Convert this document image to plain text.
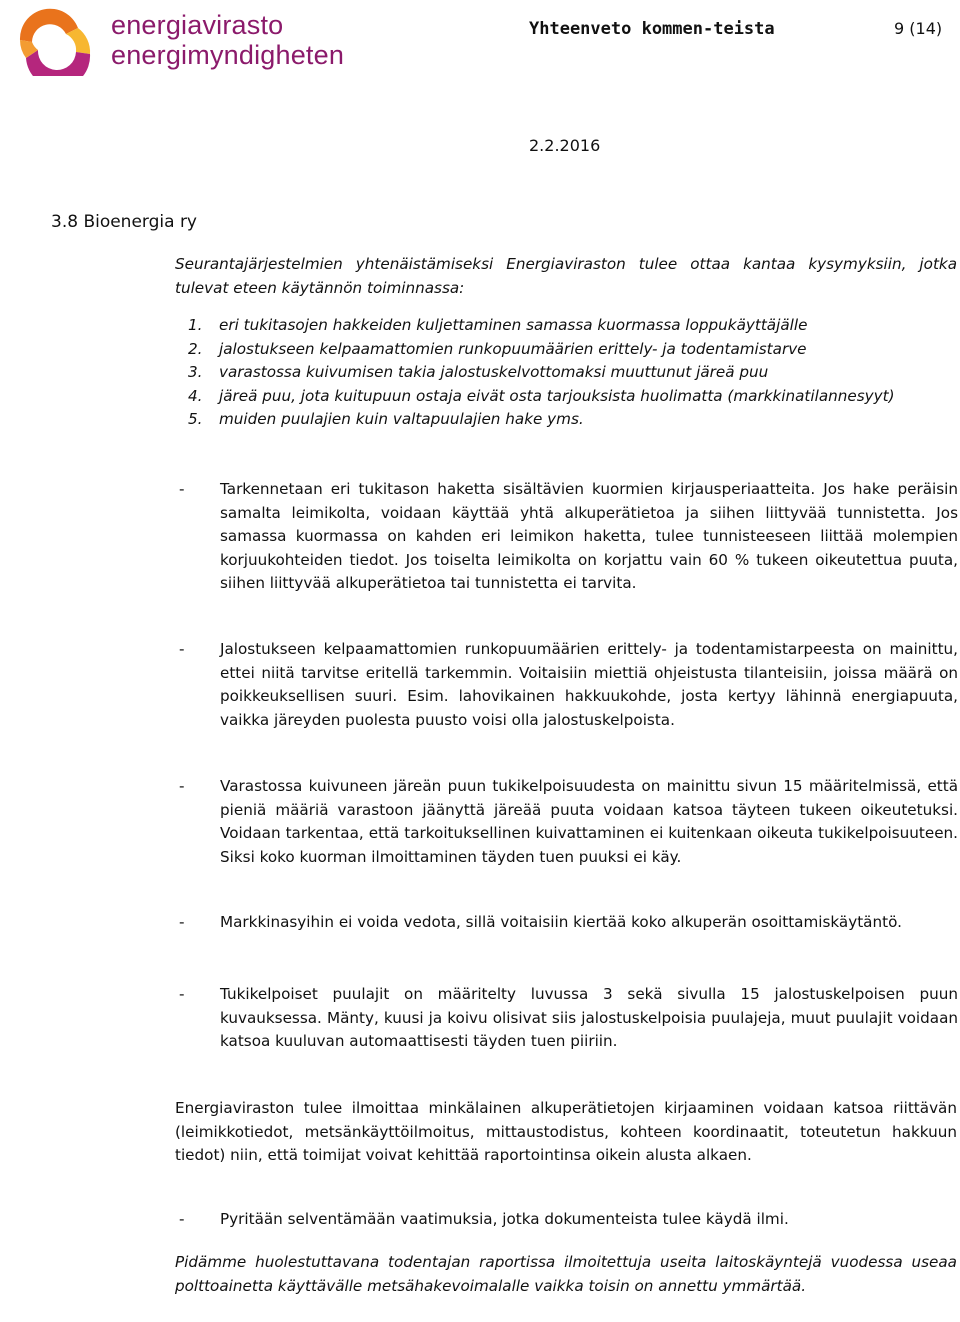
energiavirasto
energimyndigheten
Yhteenveto kommen-teista	9 (14)
2.2.2016
3.8 Bioenergia ry
Seurantajärjestelmien yhtenäistämiseksi Energiaviraston tulee ottaa kantaa kysymyksiin, jotka tulevat eteen käytännön toiminnassa:
1. eri tukitasojen hakkeiden kuljettaminen samassa kuormassa loppukäyttäjälle
2. jalostukseen kelpaamattomien runkopuumäärien erittely- ja todentamistarve
3. varastossa kuivumisen takia jalostuskelvottomaksi muuttunut järeä puu
4. järeä puu, jota kuitupuun ostaja eivät osta tarjouksista huolimatta (markkinatilannesyyt)
5. muiden puulajien kuin valtapuulajien hake yms.
- Tarkennetaan eri tukitason haketta sisältävien kuormien kirjausperiaatteita. Jos hake peräisin samalta leimikolta, voidaan käyttää yhtä alkuperätietoa ja siihen liittyvää tunnistetta. Jos samassa kuormassa on kahden eri leimikon haketta, tulee tunnisteeseen liittää molempien korjuukohteiden tiedot. Jos toiselta leimikolta on korjattu vain 60 % tukeen oikeutettua puuta, siihen liittyvää alkuperätietoa tai tunnistetta ei tarvita.
- Jalostukseen kelpaamattomien runkopuumäärien erittely- ja todentamistarpeesta on mainittu, ettei niitä tarvitse eritellä tarkemmin. Voitaisiin miettiä ohjeistusta tilanteisiin, joissa määrä on poikkeuksellisen suuri. Esim. lahovikainen hakkuukohde, josta kertyy lähinnä energiapuuta, vaikka järeyden puolesta puusto voisi olla jalostuskelpoista.
- Varastossa kuivuneen järeän puun tukikelpoisuudesta on mainittu sivun 15 määritelmissä, että pieniä määriä varastoon jäänyttä järeää puuta voidaan katsoa täyteen tukeen oikeutetuksi. Voidaan tarkentaa, että tarkoituksellinen kuivattaminen ei kuitenkaan oikeuta tukikelpoisuuteen. Siksi koko kuorman ilmoittaminen täyden tuen puuksi ei käy.
- Markkinasyihin ei voida vedota, sillä voitaisiin kiertää koko alkuperän osoittamiskäytäntö.
- Tukikelpoiset puulajit on määritelty luvussa 3 sekä sivulla 15 jalostuskelpoisen puun kuvauksessa. Mänty, kuusi ja koivu olisivat siis jalostuskelpoisia puulajeja, muut puulajit voidaan katsoa kuuluvan automaattisesti täyden tuen piiriin.
Energiaviraston tulee ilmoittaa minkälainen alkuperätietojen kirjaaminen voidaan katsoa riittävän (leimikkotiedot, metsänkäyttöilmoitus, mittaustodistus, kohteen koordinaatit, toteutetun hakkuun tiedot) niin, että toimijat voivat kehittää raportointinsa oikein alusta alkaen.
- Pyritään selventämään vaatimuksia, jotka dokumenteista tulee käydä ilmi.
Pidämme huolestuttavana todentajan raportissa ilmoitettuja useita laitoskäyntejä vuodessa useaa polttoainetta käyttävälle metsähakevoimalalle vaikka toisin on annettu ymmärtää.
